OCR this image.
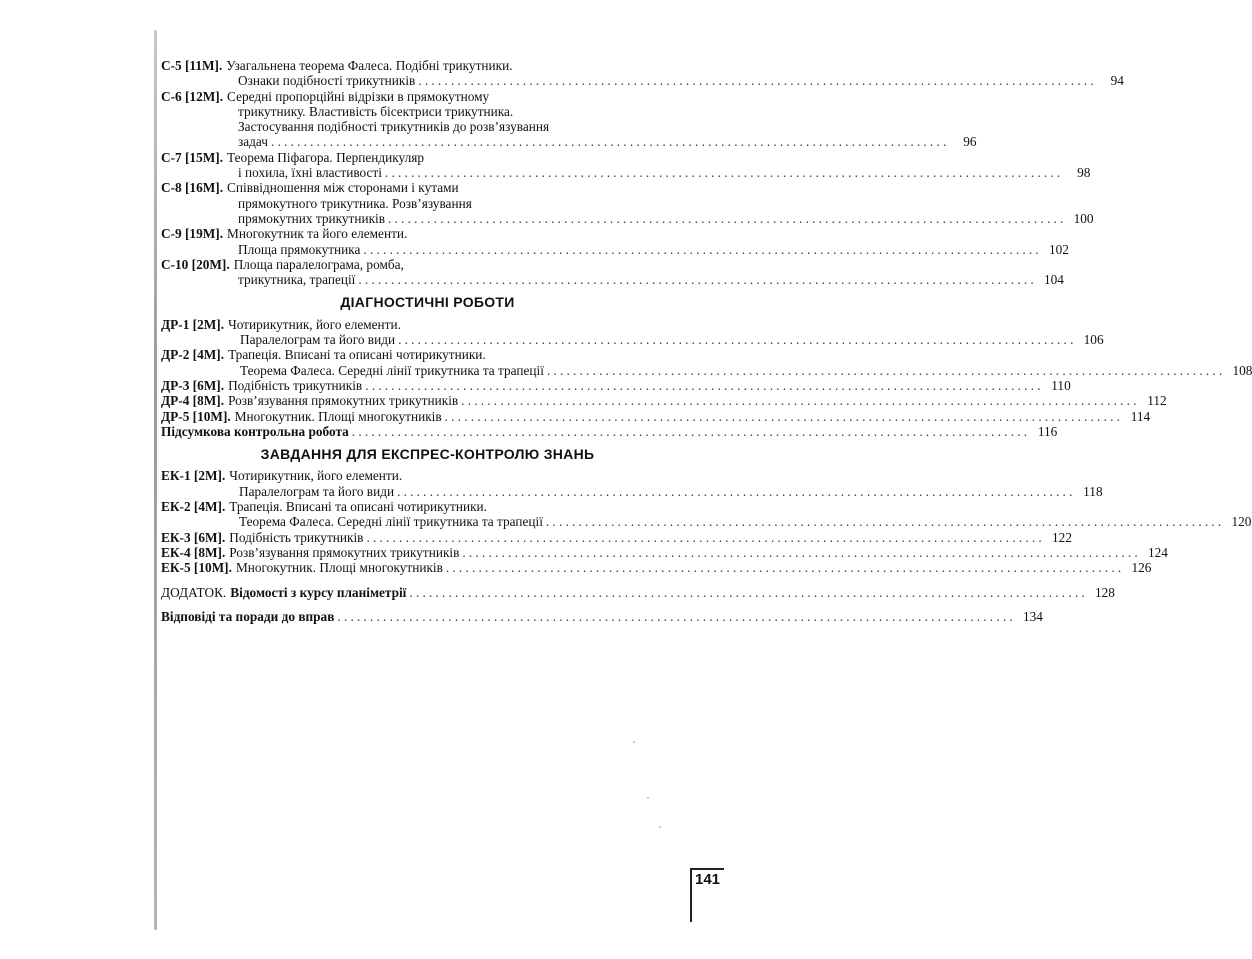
С-5 [11М]. Узагальнена теорема Фалеса. Подібні трикутники.
Ознаки подібності трикутників ........................................................................................................	94
С-6 [12М]. Середні пропорційні відрізки в прямокутному
трикутнику. Властивість бісектриси трикутника.
Застосування подібності трикутників до розв’язування
задач ........................................................................................................	96
С-7 [15М]. Теорема Піфагора. Перпендикуляр
і похила, їхні властивості ........................................................................................................	98
С-8 [16М]. Співвідношення між сторонами і кутами
прямокутного трикутника. Розв’язування
прямокутних трикутників ........................................................................................................ 100
С-9 [19М]. Многокутник та його елементи.
Площа прямокутника ........................................................................................................ 102
С-10 [20М]. Площа паралелограма, ромба,
трикутника, трапеції ........................................................................................................ 104
ДІАГНОСТИЧНІ РОБОТИ
ДР-1 [2М]. Чотирикутник, його елементи.
Паралелограм та його види ........................................................................................................ 106
ДР-2 [4М]. Трапеція. Вписані та описані чотирикутники.
Теорема Фалеса. Середні лінії трикутника та трапеції ........................................................................................................ 108
ДР-3 [6М]. Подібність трикутників ........................................................................................................ 110
ДР-4 [8М]. Розв’язування прямокутних трикутників ........................................................................................................ 112
ДР-5 [10М]. Многокутник. Площі многокутників ........................................................................................................ 114
Підсумкова контрольна робота ........................................................................................................ 116
ЗАВДАННЯ ДЛЯ ЕКСПРЕС-КОНТРОЛЮ ЗНАНЬ
ЕК-1 [2М]. Чотирикутник, його елементи.
Паралелограм та його види ........................................................................................................ 118
ЕК-2 [4М]. Трапеція. Вписані та описані чотирикутники.
Теорема Фалеса. Середні лінії трикутника та трапеції ........................................................................................................ 120
ЕК-3 [6М]. Подібність трикутників ........................................................................................................ 122
ЕК-4 [8М]. Розв’язування прямокутних трикутників ........................................................................................................ 124
ЕК-5 [10М]. Многокутник. Площі многокутників ........................................................................................................ 126
ДОДАТОК. Відомості з курсу планіметрії ........................................................................................................ 128
Відповіді та поради до вправ ........................................................................................................ 134
141
